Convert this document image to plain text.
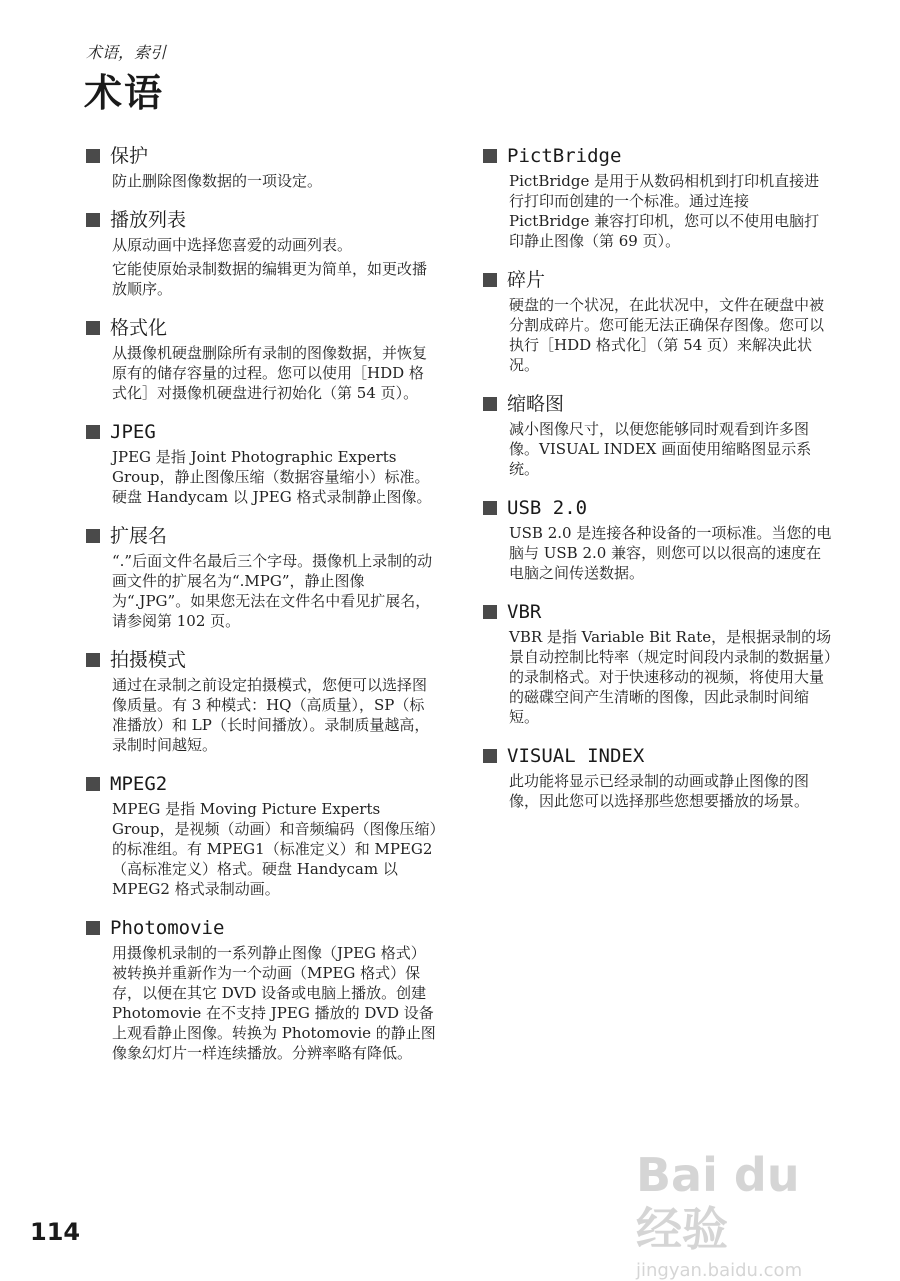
术语，索引
术语
保护

防止删除图像数据的一项设定。

播放列表

从原动画中选择您喜爱的动画列表。

它能使原始录制数据的编辑更为简单，如更改播放顺序。

格式化

从摄像机硬盘删除所有录制的图像数据，并恢复原有的储存容量的过程。您可以使用［HDD 格式化］对摄像机硬盘进行初始化（第 54 页）。

JPEG

JPEG 是指 Joint Photographic Experts Group，静止图像压缩（数据容量缩小）标准。硬盘 Handycam 以 JPEG 格式录制静止图像。

扩展名

“.”后面文件名最后三个字母。摄像机上录制的动画文件的扩展名为“.MPG”，静止图像为“.JPG”。如果您无法在文件名中看见扩展名，请参阅第 102 页。

拍摄模式

通过在录制之前设定拍摄模式，您便可以选择图像质量。有 3 种模式：HQ（高质量），SP（标准播放）和 LP（长时间播放）。录制质量越高，录制时间越短。

MPEG2

MPEG 是指 Moving Picture Experts Group，是视频（动画）和音频编码（图像压缩）的标准组。有 MPEG1（标准定义）和 MPEG2（高标准定义）格式。硬盘 Handycam 以 MPEG2 格式录制动画。

Photomovie

用摄像机录制的一系列静止图像（JPEG 格式）被转换并重新作为一个动画（MPEG 格式）保存，以便在其它 DVD 设备或电脑上播放。创建 Photomovie 在不支持 JPEG 播放的 DVD 设备上观看静止图像。转换为 Photomovie 的静止图像象幻灯片一样连续播放。分辨率略有降低。

PictBridge

PictBridge 是用于从数码相机到打印机直接进行打印而创建的一个标准。通过连接 PictBridge 兼容打印机，您可以不使用电脑打印静止图像（第 69 页）。

碎片

硬盘的一个状况，在此状况中，文件在硬盘中被分割成碎片。您可能无法正确保存图像。您可以执行［HDD 格式化］（第 54 页）来解决此状况。

缩略图

减小图像尺寸，以便您能够同时观看到许多图像。VISUAL INDEX 画面使用缩略图显示系统。

USB 2.0

USB 2.0 是连接各种设备的一项标准。当您的电脑与 USB 2.0 兼容，则您可以以很高的速度在电脑之间传送数据。

VBR

VBR 是指 Variable Bit Rate，是根据录制的场景自动控制比特率（规定时间段内录制的数据量）的录制格式。对于快速移动的视频，将使用大量的磁碟空间产生清晰的图像，因此录制时间缩短。

VISUAL INDEX

此功能将显示已经录制的动画或静止图像的图像，因此您可以选择那些您想要播放的场景。

114
Bai du 经验
jingyan.baidu.com
